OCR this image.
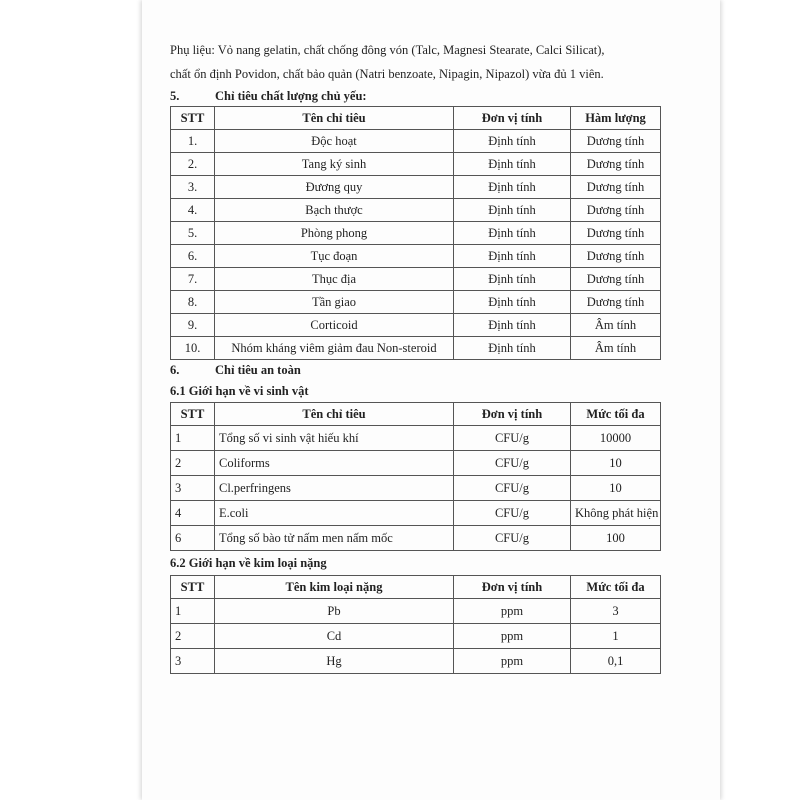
Phụ liệu: Vỏ nang gelatin, chất chống đông vón (Talc, Magnesi Stearate, Calci Silicat),

chất ổn định Povidon, chất bảo quản (Natri benzoate, Nipagin, Nipazol) vừa đủ 1 viên.

5.	Chỉ tiêu chất lượng chủ yếu:
STT	Tên chỉ tiêu	Đơn vị tính	Hàm lượng
1.	Độc hoạt	Định tính	Dương tính
2.	Tang ký sinh	Định tính	Dương tính
3.	Đương quy	Định tính	Dương tính
4.	Bạch thược	Định tính	Dương tính
5.	Phòng phong	Định tính	Dương tính
6.	Tục đoạn	Định tính	Dương tính
7.	Thục địa	Định tính	Dương tính
8.	Tần giao	Định tính	Dương tính
9.	Corticoid	Định tính	Âm tính
10.	Nhóm kháng viêm giảm đau Non-steroid	Định tính	Âm tính
6.	Chỉ tiêu an toàn
6.1 Giới hạn về vi sinh vật
STT	Tên chỉ tiêu	Đơn vị tính	Mức tối đa
1	Tổng số vi sinh vật hiếu khí	CFU/g	10000
2	Coliforms	CFU/g	10
3	Cl.perfringens	CFU/g	10
4	E.coli	CFU/g	Không phát hiện
6	Tổng số bào tử nấm men nấm mốc	CFU/g	100
6.2 Giới hạn về kim loại nặng
STT	Tên kim loại nặng	Đơn vị tính	Mức tối đa
1	Pb	ppm	3
2	Cd	ppm	1
3	Hg	ppm	0,1
